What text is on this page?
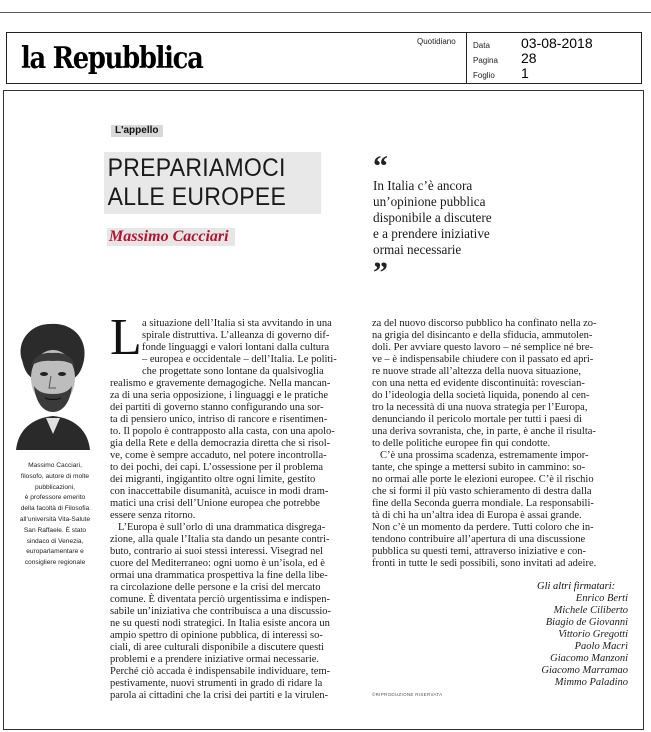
la Repubblica	Quotidiano Data	03-08-2018
Pagina	28
Foglio	1
L'appello
PREPARIAMOCI
ALLE EUROPEE
Massimo Cacciari
“
In Italia c’è ancora
un’opinione pubblica
disponibile a discutere
e a prendere iniziative
ormai necessarie
”
Massimo Cacciari,
filosofo, autore di molte
pubblicazioni,
è professore emerito
della facoltà di Filosofia
all’università Vita-Salute
San Raffaele. È stato
sindaco di Venezia,
europarlamentare e
consigliere regionale
L a situazione dell’Italia si sta avvitando in una
spirale distruttiva. L’alleanza di governo dif-
fonde linguaggi e valori lontani dalla cultura
– europea e occidentale – dell’Italia. Le politi-
che progettate sono lontane da qualsivoglia
realismo e gravemente demagogiche. Nella mancan-
za di una seria opposizione, i linguaggi e le pratiche
dei partiti di governo stanno configurando una sor-
ta di pensiero unico, intriso di rancore e risentimen-
to. Il popolo è contrapposto alla casta, con una apolo-
gia della Rete e della democrazia diretta che si risol-
ve, come è sempre accaduto, nel potere incontrolla-
to dei pochi, dei capi. L’ossessione per il problema
dei migranti, ingigantito oltre ogni limite, gestito
con inaccettabile disumanità, acuisce in modi dram-
matici una crisi dell’Unione europea che potrebbe
essere senza ritorno.
L’Europa è sull’orlo di una drammatica disgrega-
zione, alla quale l’Italia sta dando un pesante contri-
buto, contrario ai suoi stessi interessi. Visegrad nel
cuore del Mediterraneo: ogni uomo è un’isola, ed è
ormai una drammatica prospettiva la fine della libe-
ra circolazione delle persone e la crisi del mercato
comune. È diventata perciò urgentissima e indispen-
sabile un’iniziativa che contribuisca a una discussio-
ne su questi nodi strategici. In Italia esiste ancora un
ampio spettro di opinione pubblica, di interessi so-
ciali, di aree culturali disponibile a discutere questi
problemi e a prendere iniziative ormai necessarie.
Perché ciò accada è indispensabile individuare, tem-
pestivamente, nuovi strumenti in grado di ridare la
parola ai cittadini che la crisi dei partiti e la virulen-
za del nuovo discorso pubblico ha confinato nella zo-
na grigia del disincanto e della sfiducia, ammutolen-
doli. Per avviare questo lavoro – né semplice né bre-
ve – è indispensabile chiudere con il passato ed apri-
re nuove strade all’altezza della nuova situazione,
con una netta ed evidente discontinuità: rovescian-
do l’ideologia della società liquida, ponendo al cen-
tro la necessità di una nuova strategia per l’Europa,
denunciando il pericolo mortale per tutti i paesi di
una deriva sovranista, che, in parte, è anche il risulta-
to delle politiche europee fin qui condotte.
C’è una prossima scadenza, estremamente impor-
tante, che spinge a mettersi subito in cammino: so-
no ormai alle porte le elezioni europee. C’è il rischio
che si formi il più vasto schieramento di destra dalla
fine della Seconda guerra mondiale. La responsabili-
tà di chi ha un’altra idea di Europa è assai grande.
Non c’è un momento da perdere. Tutti coloro che in-
tendono contribuire all’apertura di una discussione
pubblica su questi temi, attraverso iniziative e con-
fronti in tutte le sedi possibili, sono invitati ad adeire.
Gli altri firmatari:
Enrico Berti
Michele Ciliberto
Biagio de Giovanni
Vittorio Gregotti
Paolo Macrì
Giacomo Manzoni
Giacomo Marramao
Mimmo Paladino
©RIPRODUZIONE RISERVATA
